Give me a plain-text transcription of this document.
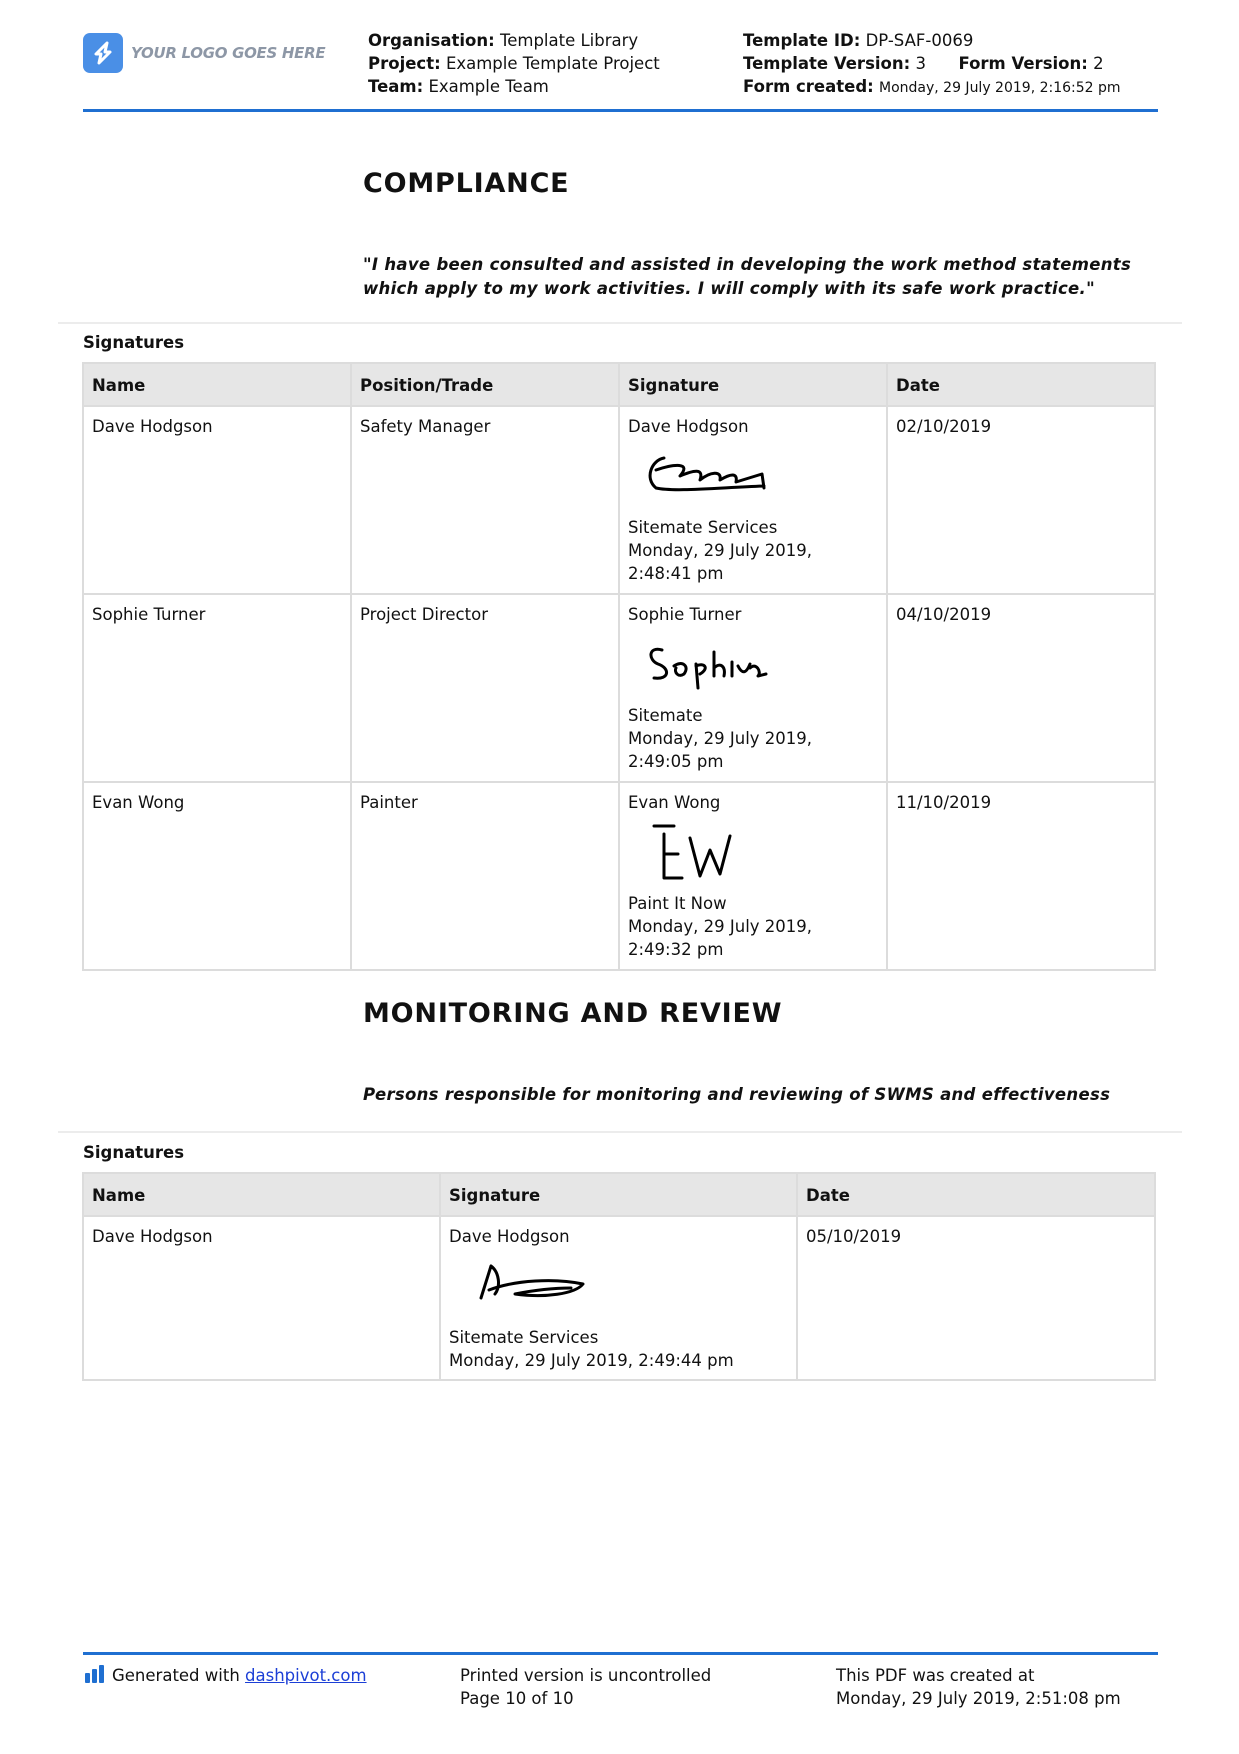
YOUR LOGO GOES HERE
Organisation: Template Library
Project: Example Template Project
Team: Example Team
Template ID: DP-SAF-0069
Template Version: 3 Form Version: 2
Form created: Monday, 29 July 2019, 2:16:52 pm
COMPLIANCE
"I have been consulted and assisted in developing the work method statements
which apply to my work activities. I will comply with its safe work practice."
Signatures
Name	Position/Trade	Signature	Date
Dave Hodgson	Safety Manager	Dave Hodgson
Sitemate Services
Monday, 29 July 2019,
2:48:41 pm	02/10/2019
Sophie Turner	Project Director	Sophie Turner
Sitemate
Monday, 29 July 2019,
2:49:05 pm	04/10/2019
Evan Wong	Painter	Evan Wong
Paint It Now
Monday, 29 July 2019,
2:49:32 pm	11/10/2019
MONITORING AND REVIEW
Persons responsible for monitoring and reviewing of SWMS and effectiveness
Signatures
Name	Signature	Date
Dave Hodgson	Dave Hodgson
Sitemate Services
Monday, 29 July 2019, 2:49:44 pm	05/10/2019
Generated with dashpivot.com	Printed version is uncontrolled
Page 10 of 10
This PDF was created at
Monday, 29 July 2019, 2:51:08 pm
